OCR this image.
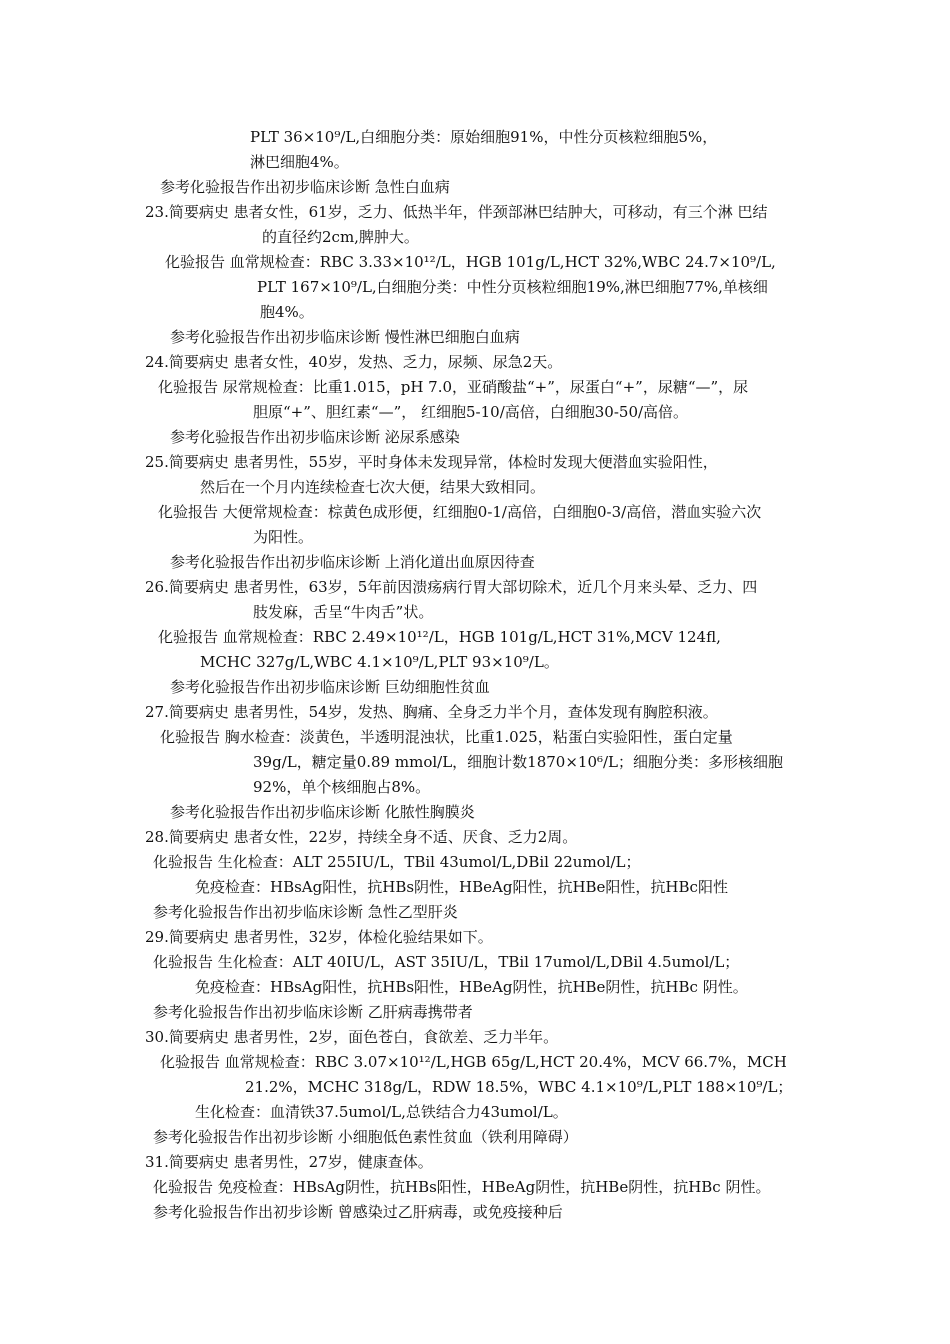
PLT 36×10⁹/L,白细胞分类：原始细胞91%，中性分页核粒细胞5%，
淋巴细胞4%。
参考化验报告作出初步临床诊断 急性白血病
23.简要病史 患者女性，61岁，乏力、低热半年，伴颈部淋巴结肿大，可移动，有三个淋 巴结
的直径约2cm,脾肿大。
化验报告 血常规检查：RBC 3.33×10¹²/L，HGB 101g/L,HCT 32%,WBC 24.7×10⁹/L,
PLT 167×10⁹/L,白细胞分类：中性分页核粒细胞19%,淋巴细胞77%,单核细
胞4%。
参考化验报告作出初步临床诊断 慢性淋巴细胞白血病
24.简要病史 患者女性，40岁，发热、乏力，尿频、尿急2天。
化验报告 尿常规检查：比重1.015，pH 7.0，亚硝酸盐“+”，尿蛋白“+”，尿糖“—”，尿
胆原“+”、胆红素“—”， 红细胞5-10/高倍，白细胞30-50/高倍。
参考化验报告作出初步临床诊断 泌尿系感染
25.简要病史 患者男性，55岁，平时身体未发现异常，体检时发现大便潜血实验阳性，
然后在一个月内连续检查七次大便，结果大致相同。
化验报告 大便常规检查：棕黄色成形便，红细胞0-1/高倍，白细胞0-3/高倍，潜血实验六次
为阳性。
参考化验报告作出初步临床诊断 上消化道出血原因待查
26.简要病史 患者男性，63岁，5年前因溃疡病行胃大部切除术，近几个月来头晕、乏力、四
肢发麻，舌呈“牛肉舌”状。
化验报告 血常规检查：RBC 2.49×10¹²/L，HGB 101g/L,HCT 31%,MCV 124fl,
MCHC 327g/L,WBC 4.1×10⁹/L,PLT 93×10⁹/L。
参考化验报告作出初步临床诊断 巨幼细胞性贫血
27.简要病史 患者男性，54岁，发热、胸痛、全身乏力半个月，查体发现有胸腔积液。
化验报告 胸水检查：淡黄色，半透明混浊状，比重1.025，粘蛋白实验阳性，蛋白定量
39g/L，糖定量0.89 mmol/L，细胞计数1870×10⁶/L；细胞分类：多形核细胞
92%，单个核细胞占8%。
参考化验报告作出初步临床诊断 化脓性胸膜炎
28.简要病史 患者女性，22岁，持续全身不适、厌食、乏力2周。
化验报告 生化检查：ALT 255IU/L，TBil 43umol/L,DBil 22umol/L；
免疫检查：HBsAg阳性，抗HBs阴性，HBeAg阳性，抗HBe阳性，抗HBc阳性
参考化验报告作出初步临床诊断 急性乙型肝炎
29.简要病史 患者男性，32岁，体检化验结果如下。
化验报告 生化检查：ALT 40IU/L，AST 35IU/L，TBil 17umol/L,DBil 4.5umol/L；
免疫检查：HBsAg阳性，抗HBs阳性，HBeAg阴性，抗HBe阴性，抗HBc 阴性。
参考化验报告作出初步临床诊断 乙肝病毒携带者
30.简要病史 患者男性，2岁，面色苍白，食欲差、乏力半年。
化验报告 血常规检查：RBC 3.07×10¹²/L,HGB 65g/L,HCT 20.4%，MCV 66.7%，MCH
21.2%，MCHC 318g/L，RDW 18.5%，WBC 4.1×10⁹/L,PLT 188×10⁹/L；
生化检查：血清铁37.5umol/L,总铁结合力43umol/L。
参考化验报告作出初步诊断 小细胞低色素性贫血（铁利用障碍）
31.简要病史 患者男性，27岁，健康查体。
化验报告 免疫检查：HBsAg阴性，抗HBs阳性，HBeAg阴性，抗HBe阴性，抗HBc 阴性。
参考化验报告作出初步诊断 曾感染过乙肝病毒，或免疫接种后
